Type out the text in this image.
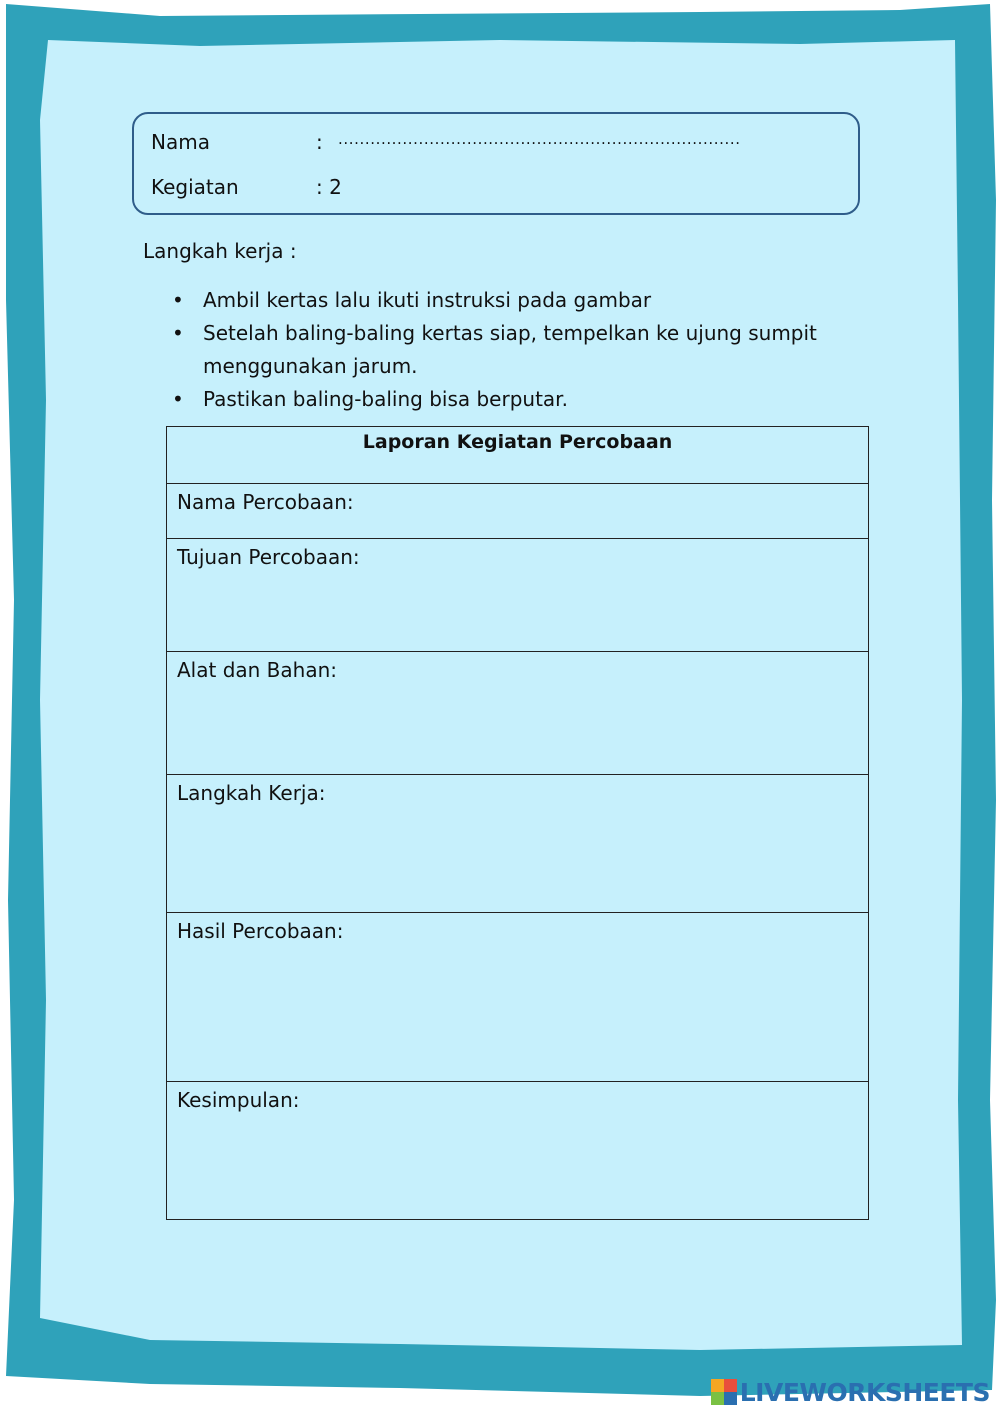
Nama	: ...........................................................................
Kegiatan	: 2
Langkah kerja :
• Ambil kertas lalu ikuti instruksi pada gambar
• Setelah baling-baling kertas siap, tempelkan ke ujung sumpit menggunakan jarum.
• Pastikan baling-baling bisa berputar.
Laporan Kegiatan Percobaan
Nama Percobaan:
Tujuan Percobaan:
Alat dan Bahan:
Langkah Kerja:
Hasil Percobaan:
Kesimpulan:
LIVEWORKSHEETS
